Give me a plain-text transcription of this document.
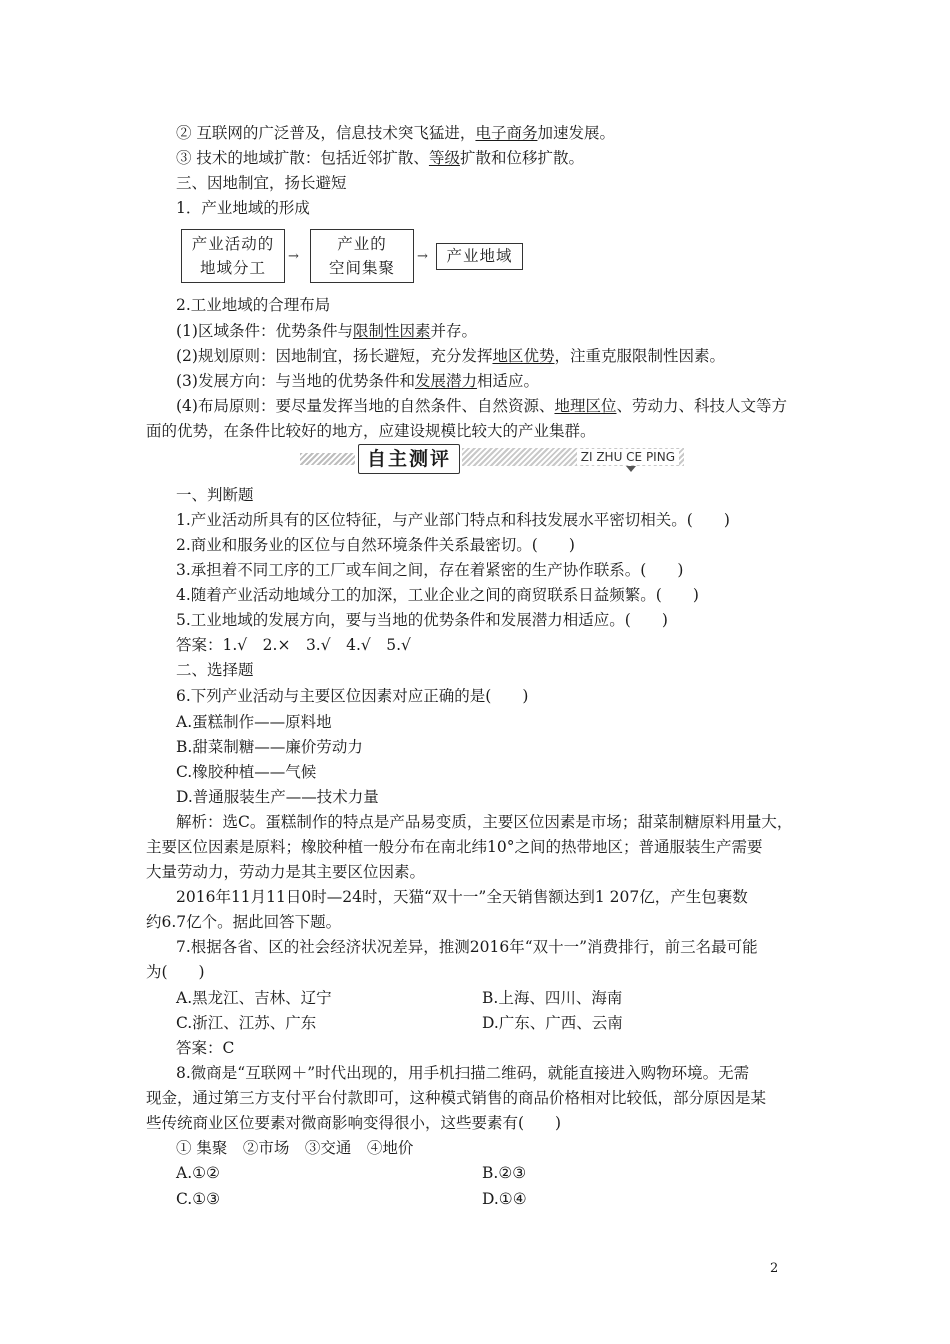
② 互联网的广泛普及，信息技术突飞猛进，电子商务加速发展。
③ 技术的地域扩散：包括近邻扩散、等级扩散和位移扩散。
三、因地制宜，扬长避短
1．产业地域的形成
产业活动的
地域分工
→
产业的
空间集聚
→	产业地域
2.工业地域的合理布局
(1)区域条件：优势条件与限制性因素并存。
(2)规划原则：因地制宜，扬长避短，充分发挥地区优势，注重克服限制性因素。
(3)发展方向：与当地的优势条件和发展潜力相适应。
(4)布局原则：要尽量发挥当地的自然条件、自然资源、地理区位、劳动力、科技人文等方
面的优势，在条件比较好的地方，应建设规模比较大的产业集群。
自主测评	ZI ZHU CE PING
一、判断题
1.产业活动所具有的区位特征，与产业部门特点和科技发展水平密切相关。(　　)
2.商业和服务业的区位与自然环境条件关系最密切。(　　)
3.承担着不同工序的工厂或车间之间，存在着紧密的生产协作联系。(　　)
4.随着产业活动地域分工的加深，工业企业之间的商贸联系日益频繁。(　　)
5.工业地域的发展方向，要与当地的优势条件和发展潜力相适应。(　　)
答案：1.√　2.×　3.√　4.√　5.√
二、选择题
6.下列产业活动与主要区位因素对应正确的是(　　)
A.蛋糕制作——原料地
B.甜菜制糖——廉价劳动力
C.橡胶种植——气候
D.普通服装生产——技术力量
解析：选C。蛋糕制作的特点是产品易变质，主要区位因素是市场；甜菜制糖原料用量大，
主要区位因素是原料；橡胶种植一般分布在南北纬10°之间的热带地区；普通服装生产需要
大量劳动力，劳动力是其主要区位因素。
2016年11月11日0时—24时，天猫“双十一”全天销售额达到1 207亿，产生包裹数
约6.7亿个。据此回答下题。
7.根据各省、区的社会经济状况差异，推测2016年“双十一”消费排行，前三名最可能
为(　　)
A.黑龙江、吉林、辽宁	B.上海、四川、海南
C.浙江、江苏、广东	D.广东、广西、云南
答案：C
8.微商是“互联网＋”时代出现的，用手机扫描二维码，就能直接进入购物环境。无需
现金，通过第三方支付平台付款即可，这种模式销售的商品价格相对比较低，部分原因是某
些传统商业区位要素对微商影响变得很小，这些要素有(　　)
① 集聚　②市场　③交通　④地价
A.①②	B.②③
C.①③	D.①④
2
